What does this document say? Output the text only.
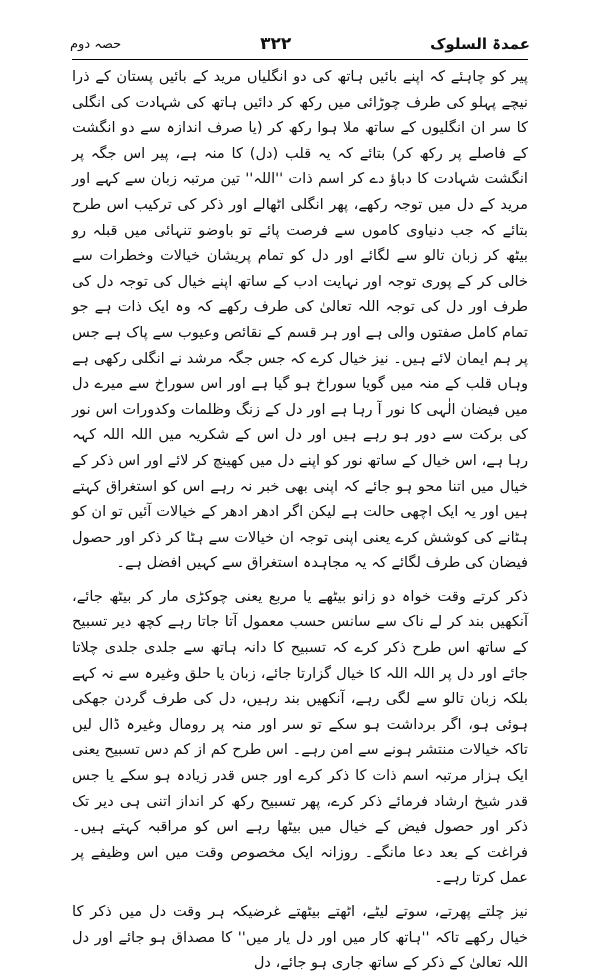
حصہ دوم	۳۲۲	عمدۃ السلوک

پیر کو چاہئے کہ اپنے بائیں ہاتھ کی دو انگلیاں مرید کے بائیں پستان کے ذرا نیچے پہلو کی طرف چوڑائی میں رکھ کر دائیں ہاتھ کی شہادت کی انگلی کا سر ان انگلیوں کے ساتھ ملا ہوا رکھ کر (یا صرف اندازہ سے دو انگشت کے فاصلے پر رکھ کر) بتائے کہ یہ قلب (دل) کا منہ ہے، پیر اس جگہ پر انگشت شہادت کا دباؤ دے کر اسم ذات ''اللہ'' تین مرتبہ زبان سے کہے اور مرید کے دل میں توجہ رکھے، پھر انگلی اٹھالے اور ذکر کی ترکیب اس طرح بتائے کہ جب دنیاوی کاموں سے فرصت پائے تو باوضو تنہائی میں قبلہ رو بیٹھ کر زبان تالو سے لگائے اور دل کو تمام پریشان خیالات وخطرات سے خالی کر کے پوری توجہ اور نہایت ادب کے ساتھ اپنے خیال کی توجہ دل کی طرف اور دل کی توجہ اللہ تعالیٰ کی طرف رکھے کہ وہ ایک ذات ہے جو تمام کامل صفتوں والی ہے اور ہر قسم کے نقائص وعیوب سے پاک ہے جس پر ہم ایمان لائے ہیں۔ نیز خیال کرے کہ جس جگہ مرشد نے انگلی رکھی ہے وہاں قلب کے منہ میں گویا سوراخ ہو گیا ہے اور اس سوراخ سے میرے دل میں فیضان الٰہی کا نور آ رہا ہے اور دل کے زنگ وظلمات وکدورات اس نور کی برکت سے دور ہو رہے ہیں اور دل اس کے شکریہ میں اللہ اللہ کہہ رہا ہے، اس خیال کے ساتھ نور کو اپنے دل میں کھینچ کر لائے اور اس ذکر کے خیال میں اتنا محو ہو جائے کہ اپنی بھی خبر نہ رہے اس کو استغراق کہتے ہیں اور یہ ایک اچھی حالت ہے لیکن اگر ادھر ادھر کے خیالات آئیں تو ان کو ہٹانے کی کوشش کرے یعنی اپنی توجہ ان خیالات سے ہٹا کر ذکر اور حصول فیضان کی طرف لگائے کہ یہ مجاہدہ استغراق سے کہیں افضل ہے۔

ذکر کرتے وقت خواہ دو زانو بیٹھے یا مربع یعنی چوکڑی مار کر بیٹھ جائے، آنکھیں بند کر لے ناک سے سانس حسب معمول آتا جاتا رہے کچھ دیر تسبیح کے ساتھ اس طرح ذکر کرے کہ تسبیح کا دانہ ہاتھ سے جلدی جلدی چلاتا جائے اور دل پر اللہ اللہ کا خیال گزارتا جائے، زبان یا حلق وغیرہ سے نہ کہے بلکہ زبان تالو سے لگی رہے، آنکھیں بند رہیں، دل کی طرف گردن جھکی ہوئی ہو، اگر برداشت ہو سکے تو سر اور منہ پر رومال وغیرہ ڈال لیں تاکہ خیالات منتشر ہونے سے امن رہے۔ اس طرح کم از کم دس تسبیح یعنی ایک ہزار مرتبہ اسم ذات کا ذکر کرے اور جس قدر زیادہ ہو سکے یا جس قدر شیخ ارشاد فرمائے ذکر کرے، پھر تسبیح رکھ کر انداز اتنی ہی دیر تک ذکر اور حصول فیض کے خیال میں بیٹھا رہے اس کو مراقبہ کہتے ہیں۔ فراغت کے بعد دعا مانگے۔ روزانہ ایک مخصوص وقت میں اس وظیفے پر عمل کرتا رہے۔

نیز چلتے پھرتے، سوتے لیٹے، اٹھتے بیٹھتے غرضیکہ ہر وقت دل میں ذکر کا خیال رکھے تاکہ ''ہاتھ کار میں اور دل یار میں'' کا مصداق ہو جائے اور دل اللہ تعالیٰ کے ذکر کے ساتھ جاری ہو جائے، دل
